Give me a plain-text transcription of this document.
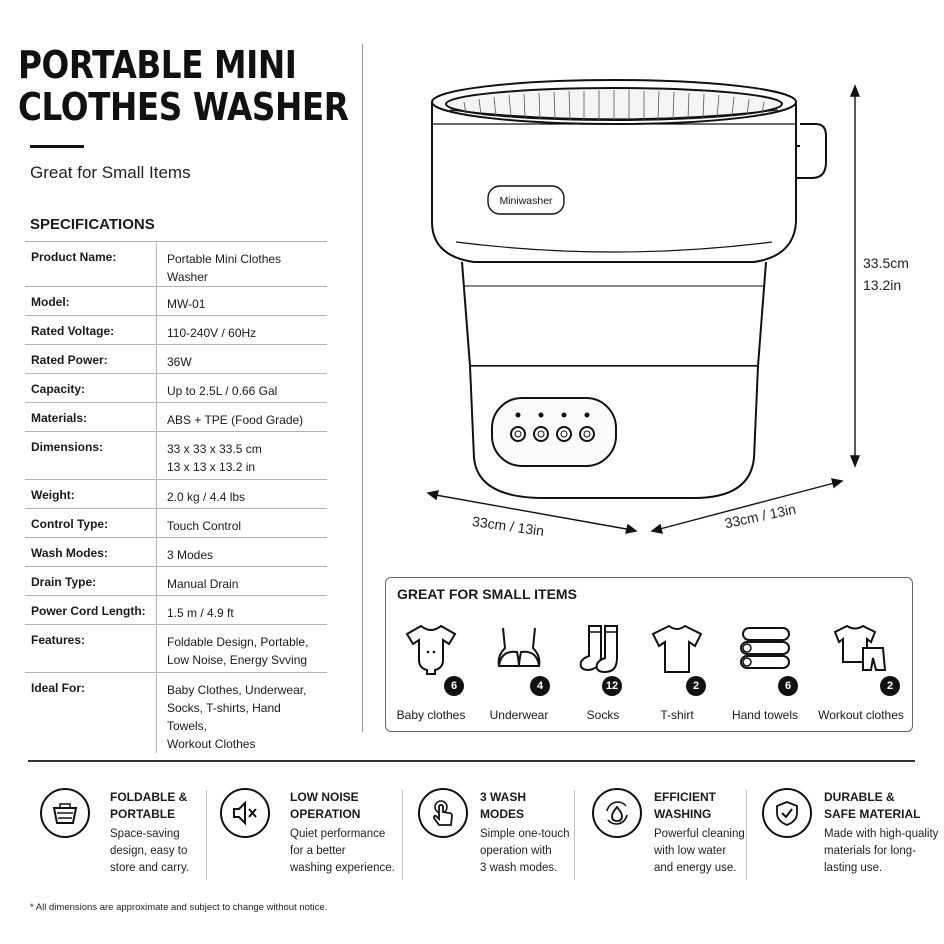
PORTABLE MINI
CLOTHES WASHER
Great for Small Items
SPECIFICATIONS
Product Name:	Portable Mini Clothes Washer

Model:	MW-01

Rated Voltage:	110-240V / 60Hz

Rated Power:	36W

Capacity:	Up to 2.5L / 0.66 Gal

Materials:	ABS + TPE (Food Grade)

Dimensions:	33 x 33 x 33.5 cm
13 x 13 x 13.2 in

Weight:	2.0 kg / 4.4 lbs

Control Type:	Touch Control

Wash Modes:	3 Modes

Drain Type:	Manual Drain

Power Cord Length:	1.5 m / 4.9 ft

Features:	Foldable Design, Portable,
Low Noise, Energy Svving

Ideal For:	Baby Clothes, Underwear,
Socks, T-shirts, Hand Towels,
Workout Clothes
Miniwasher
33.5cm
13.2in
33cm / 13in	33cm / 13in
GREAT FOR SMALL ITEMS
6
Baby clothes
4
Underwear
12
Socks
2
T-shirt
6
Hand towels
2
Workout clothes
FOLDABLE &
PORTABLE
Space-saving
design, easy to
store and carry.
LOW NOISE
OPERATION
Quiet performance
for a better
washing experience.
3 WASH
MODES
Simple one-touch
operation with
3 wash modes.
EFFICIENT
WASHING
Powerful cleaning
with low water
and energy use.
DURABLE &
SAFE MATERIAL
Made with high-quality
materials for long-
lasting use.
* All dimensions are approximate and subject to change without notice.
